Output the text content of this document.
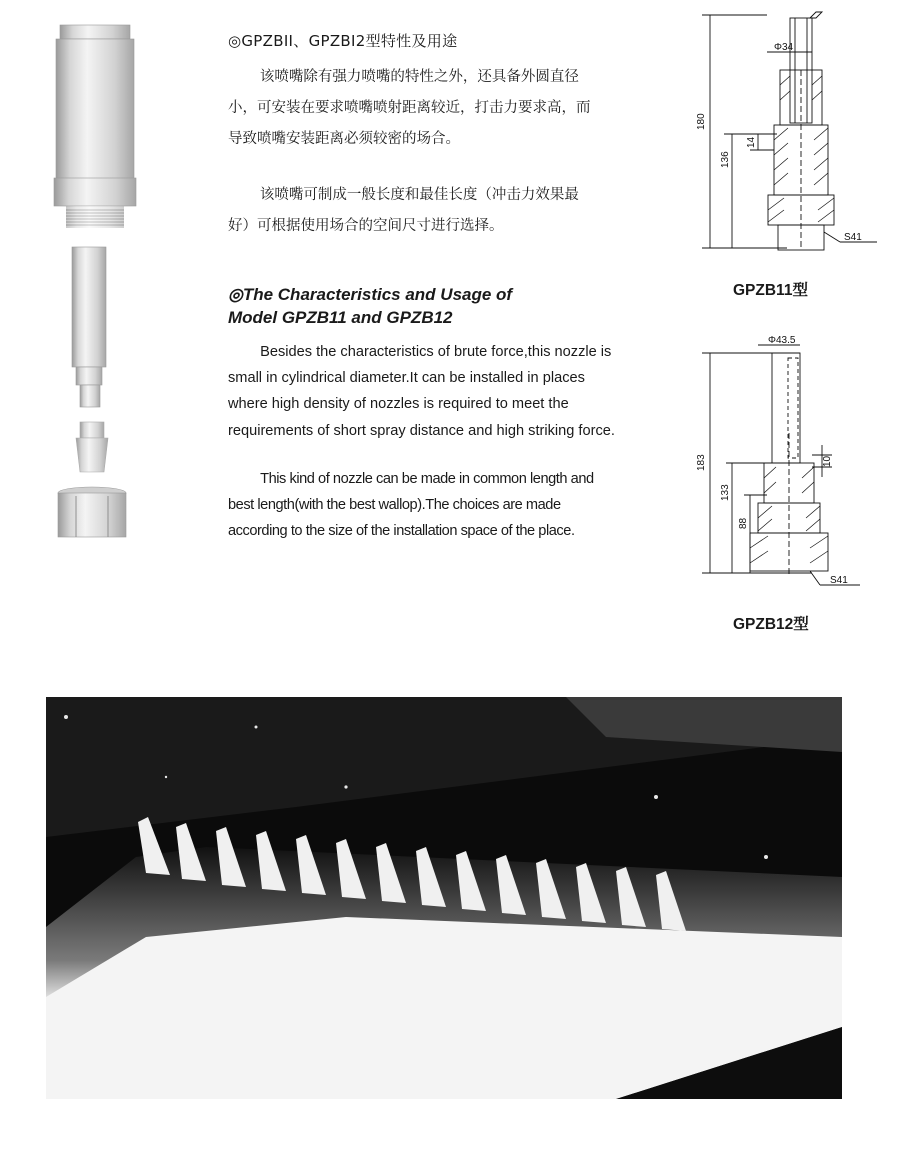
◎GPZBII、GPZBI2型特性及用途
该喷嘴除有强力喷嘴的特性之外，还具备外圆直径小，可安装在要求喷嘴喷射距离较近，打击力要求高，而导致喷嘴安装距离必须较密的场合。
该喷嘴可制成一般长度和最佳长度（冲击力效果最好）可根据使用场合的空间尺寸进行选择。
◎The Characteristics and Usage of
Model GPZB11 and GPZB12
Besides the characteristics of brute force,this nozzle is small in cylindrical diameter.It can be installed in places where high density of nozzles is required to meet the requirements of short spray distance and high striking force.
This kind of nozzle can be made in common length and best length(with the best wallop).The choices are made according to the size of the installation space of the place.
Φ34
180
136
14
S41
GPZB11型
Φ43.5
183
133
88
10
S41
GPZB12型
